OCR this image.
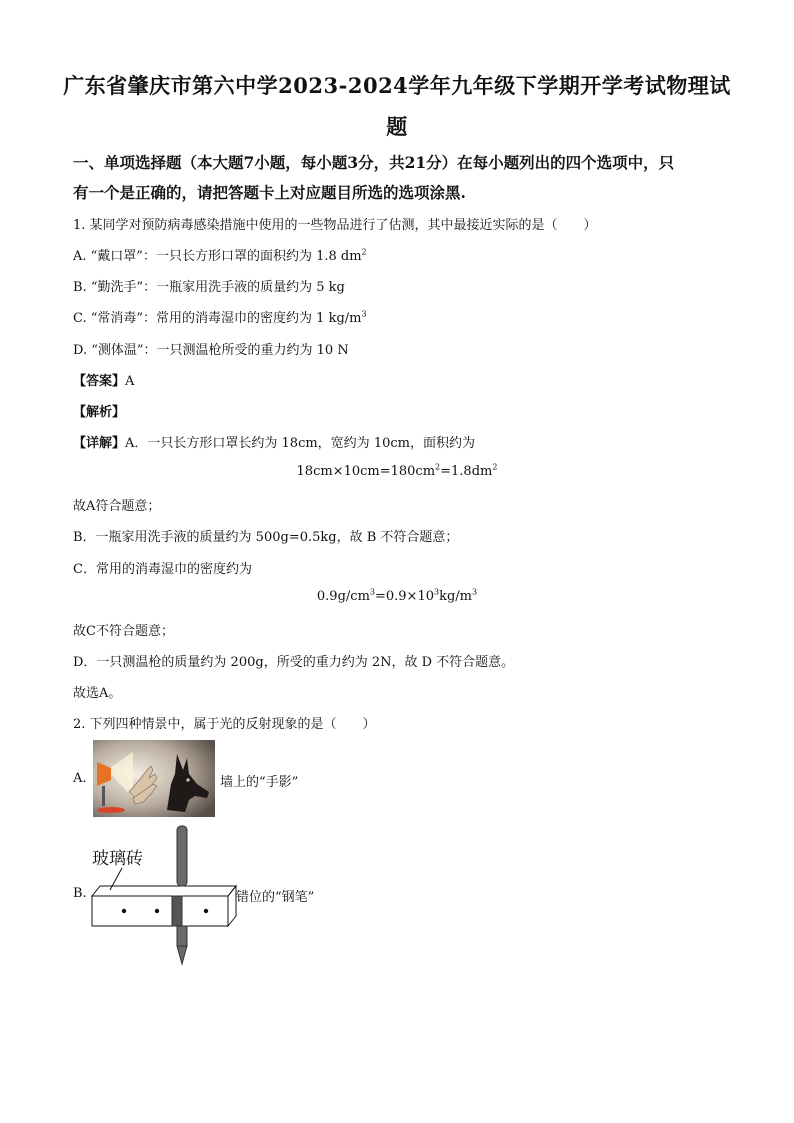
广东省肇庆市第六中学2023-2024学年九年级下学期开学考试物理试
题
一、单项选择题（本大题7小题，每小题3分，共21分）在每小题列出的四个选项中，只
有一个是正确的，请把答题卡上对应题目所选的选项涂黑.
1. 某同学对预防病毒感染措施中使用的一些物品进行了估测，其中最接近实际的是（　　）
A. “戴口罩”：一只长方形口罩的面积约为 1.8 $dm^2$
B. “勤洗手”：一瓶家用洗手液的质量约为 5 kg
C. “常消毒”：常用的消毒湿巾的密度约为 1 $kg/m^3$
D. “测体温”：一只测温枪所受的重力约为 10 N
【答案】A
【解析】
【详解】A．一只长方形口罩长约为 18cm，宽约为 10cm，面积约为
$18cm\times 10cm=180cm^2=1.8dm^2$
故A符合题意；
B．一瓶家用洗手液的质量约为 500g=0.5kg，故 B 不符合题意；
C．常用的消毒湿巾的密度约为
$0.9g/cm^3=0.9\times 10^3kg/m^3$
故C不符合题意；
D．一只测温枪的质量约为 200g，所受的重力约为 2N，故 D 不符合题意。
故选A。
2. 下列四种情景中，属于光的反射现象的是（　　）
A.	墙上的“手影”
B.
玻璃砖
错位的“钢笔”
